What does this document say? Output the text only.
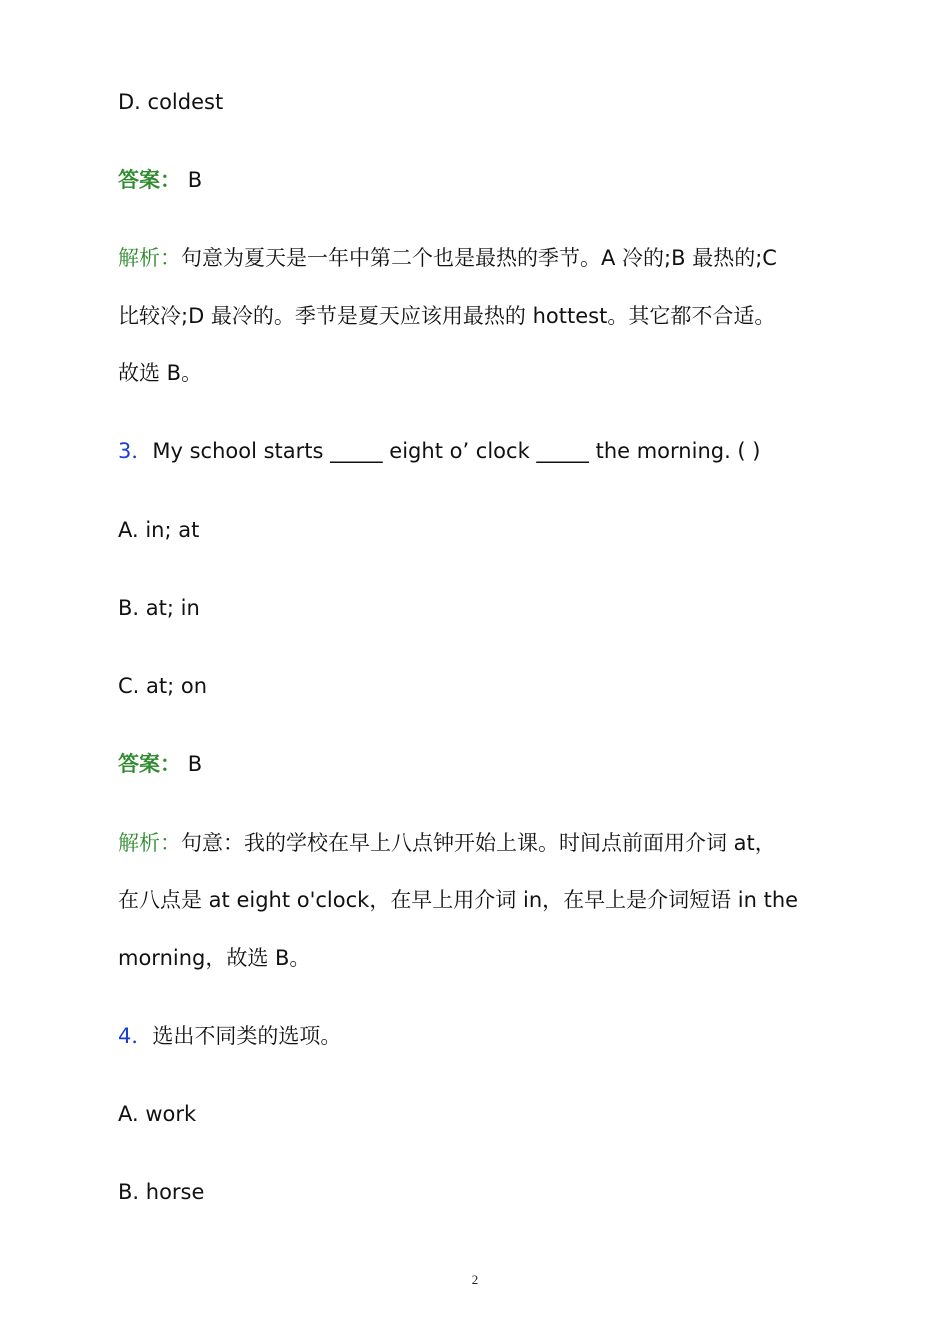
D. coldest
答案： B
解析：句意为夏天是一年中第二个也是最热的季节。A 冷的;B 最热的;C
比较冷;D 最冷的。季节是夏天应该用最热的 hottest。其它都不合适。
故选 B。
3．My school starts _____ eight o’ clock _____ the morning. ( )
A. in; at
B. at; in
C. at; on
答案： B
解析：句意：我的学校在早上八点钟开始上课。时间点前面用介词 at，
在八点是 at eight o'clock，在早上用介词 in，在早上是介词短语 in the
morning，故选 B。
4．选出不同类的选项。
A. work
B. horse
2
